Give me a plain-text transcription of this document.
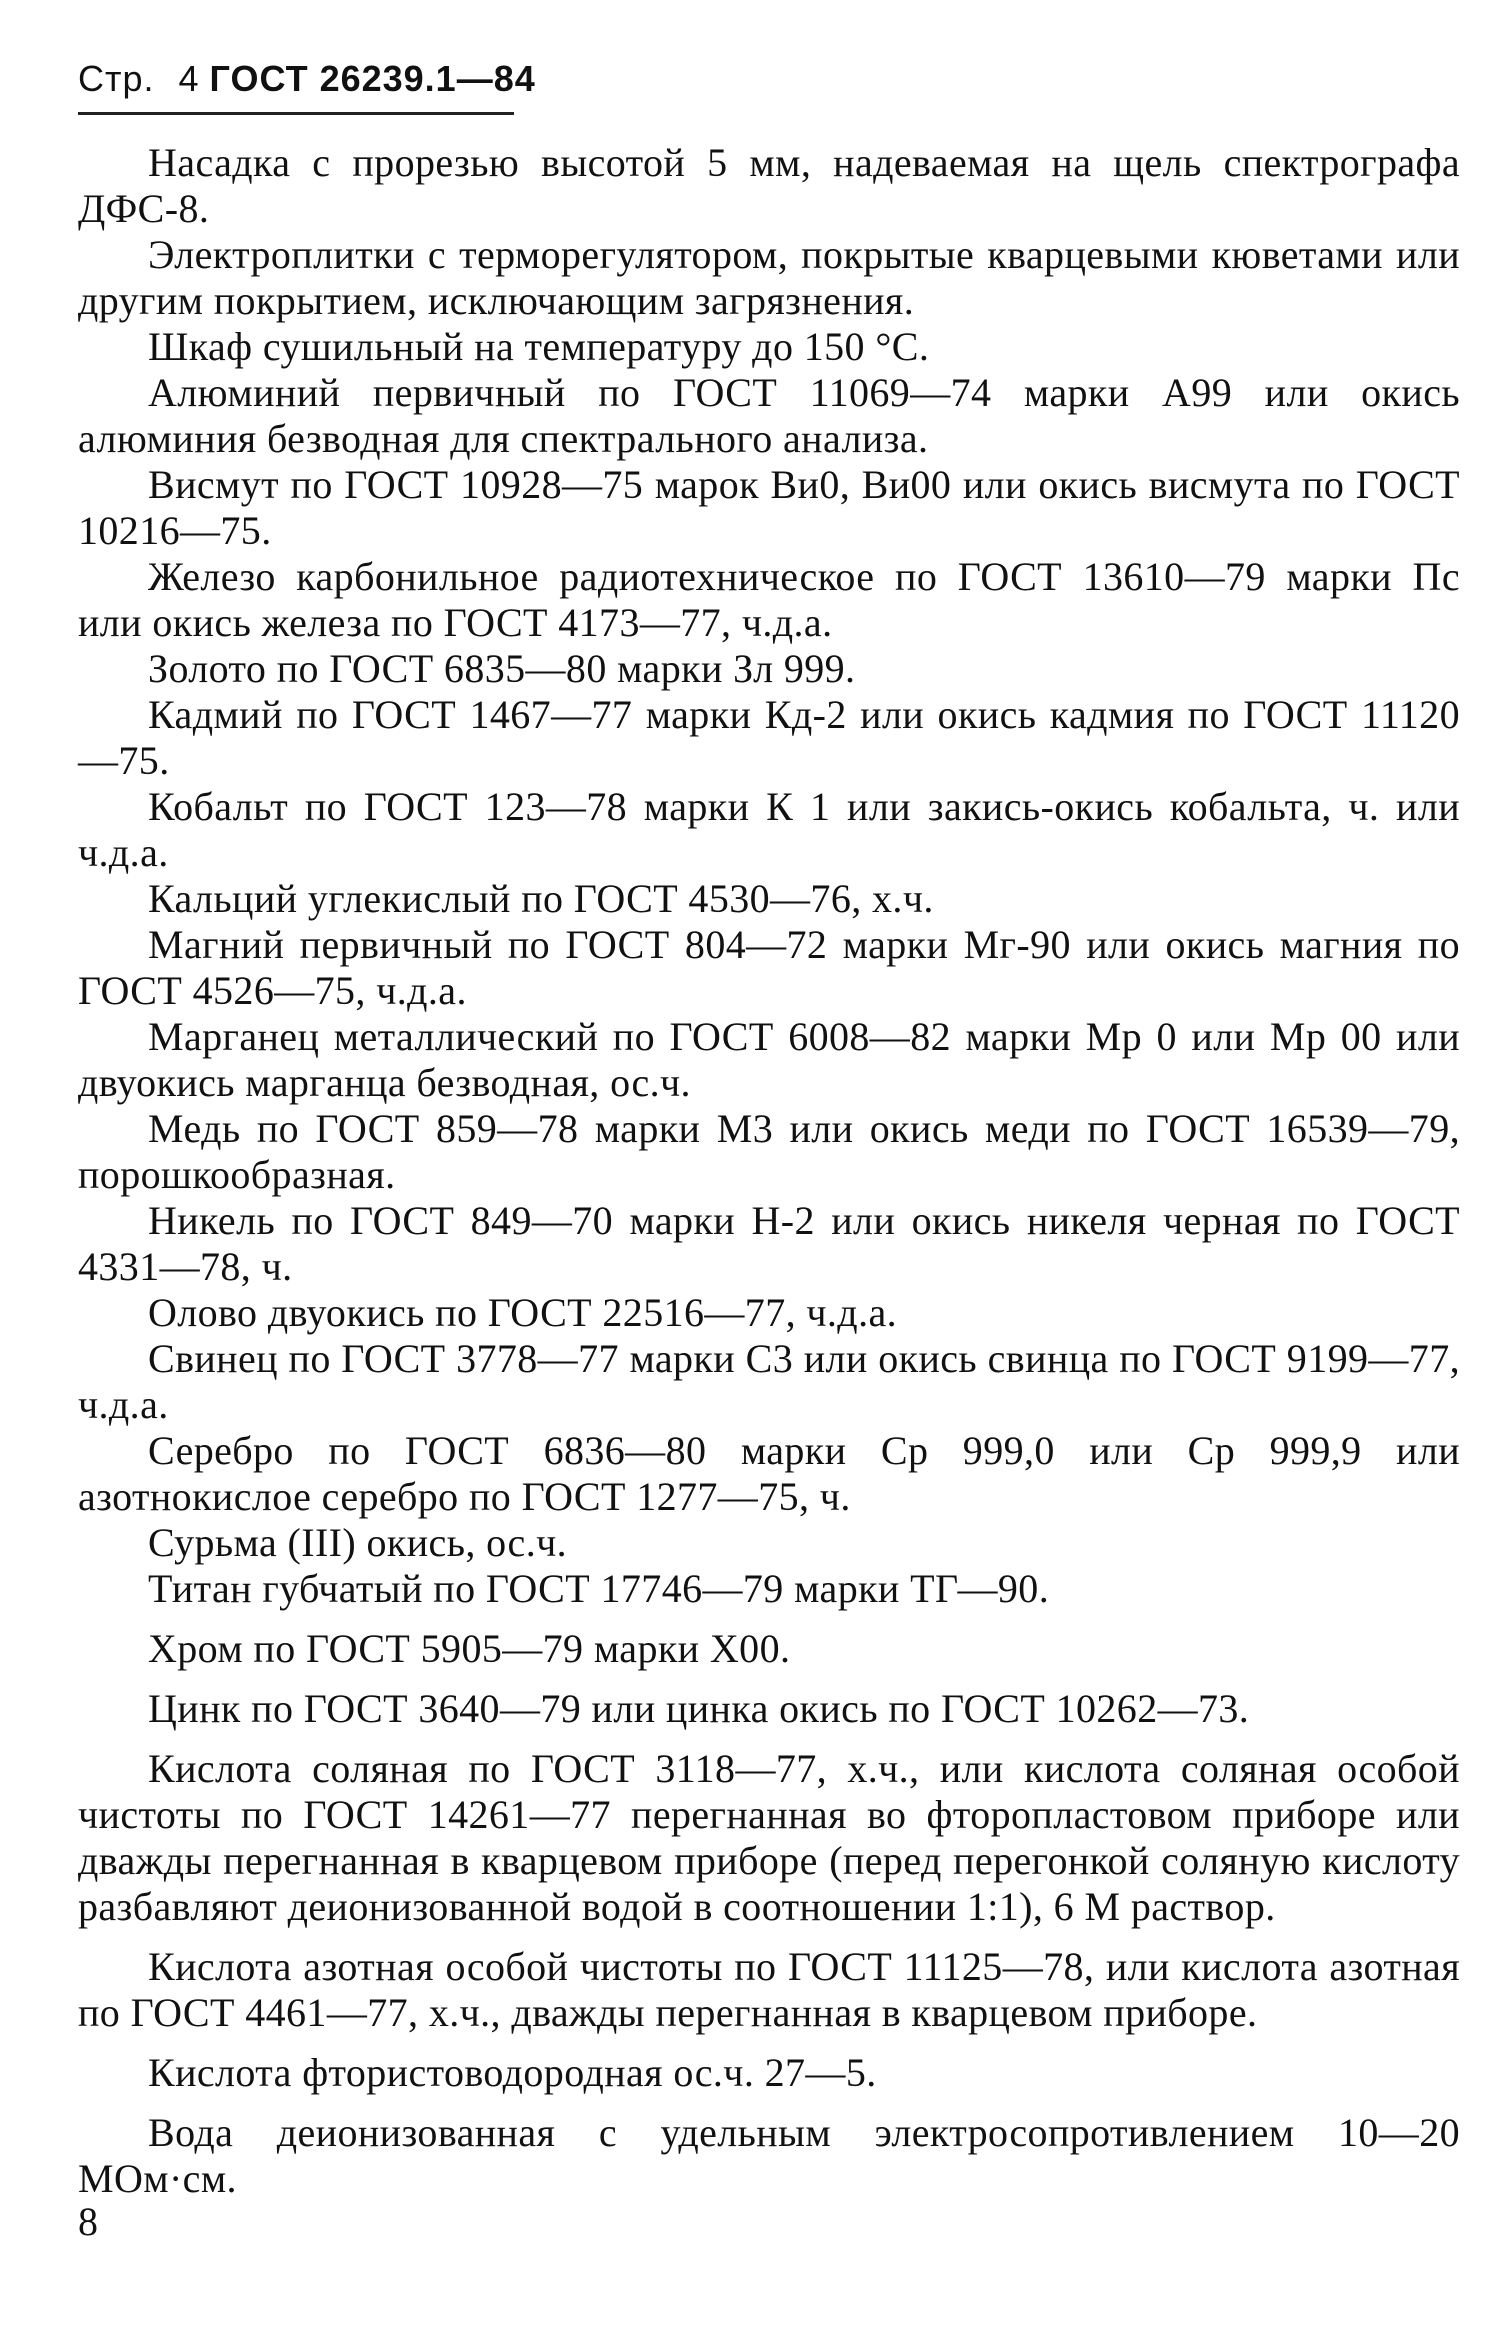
Стр. 4 ГОСТ 26239.1—84

Насадка с прорезью высотой 5 мм, надеваемая на щель спектрографа ДФС-8.

Электроплитки с терморегулятором, покрытые кварцевыми кюветами или другим покрытием, исключающим загрязнения.

Шкаф сушильный на температуру до 150 °С.

Алюминий первичный по ГОСТ 11069—74 марки А99 или окись алюминия безводная для спектрального анализа.

Висмут по ГОСТ 10928—75 марок Ви0, Ви00 или окись висмута по ГОСТ 10216—75.

Железо карбонильное радиотехническое по ГОСТ 13610—79 марки Пс или окись железа по ГОСТ 4173—77, ч.д.а.

Золото по ГОСТ 6835—80 марки Зл 999.

Кадмий по ГОСТ 1467—77 марки Кд-2 или окись кадмия по ГОСТ 11120—75.

Кобальт по ГОСТ 123—78 марки К 1 или закись-окись кобальта, ч. или ч.д.а.

Кальций углекислый по ГОСТ 4530—76, х.ч.

Магний первичный по ГОСТ 804—72 марки Мг-90 или окись магния по ГОСТ 4526—75, ч.д.а.

Марганец металлический по ГОСТ 6008—82 марки Мр 0 или Мр 00 или двуокись марганца безводная, ос.ч.

Медь по ГОСТ 859—78 марки М3 или окись меди по ГОСТ 16539—79, порошкообразная.

Никель по ГОСТ 849—70 марки Н-2 или окись никеля черная по ГОСТ 4331—78, ч.

Олово двуокись по ГОСТ 22516—77, ч.д.а.

Свинец по ГОСТ 3778—77 марки С3 или окись свинца по ГОСТ 9199—77, ч.д.а.

Серебро по ГОСТ 6836—80 марки Ср 999,0 или Ср 999,9 или азотнокислое серебро по ГОСТ 1277—75, ч.

Сурьма (III) окись, ос.ч.

Титан губчатый по ГОСТ 17746—79 марки ТГ—90.

Хром по ГОСТ 5905—79 марки Х00.

Цинк по ГОСТ 3640—79 или цинка окись по ГОСТ 10262—73.

Кислота соляная по ГОСТ 3118—77, х.ч., или кислота соляная особой чистоты по ГОСТ 14261—77 перегнанная во фторопластовом приборе или дважды перегнанная в кварцевом приборе (перед перегонкой соляную кислоту разбавляют деионизованной водой в соотношении 1:1), 6 М раствор.

Кислота азотная особой чистоты по ГОСТ 11125—78, или кислота азотная по ГОСТ 4461—77, х.ч., дважды перегнанная в кварцевом приборе.

Кислота фтористоводородная ос.ч. 27—5.

Вода деионизованная с удельным электросопротивлением 10—20 МОм·см.

8
